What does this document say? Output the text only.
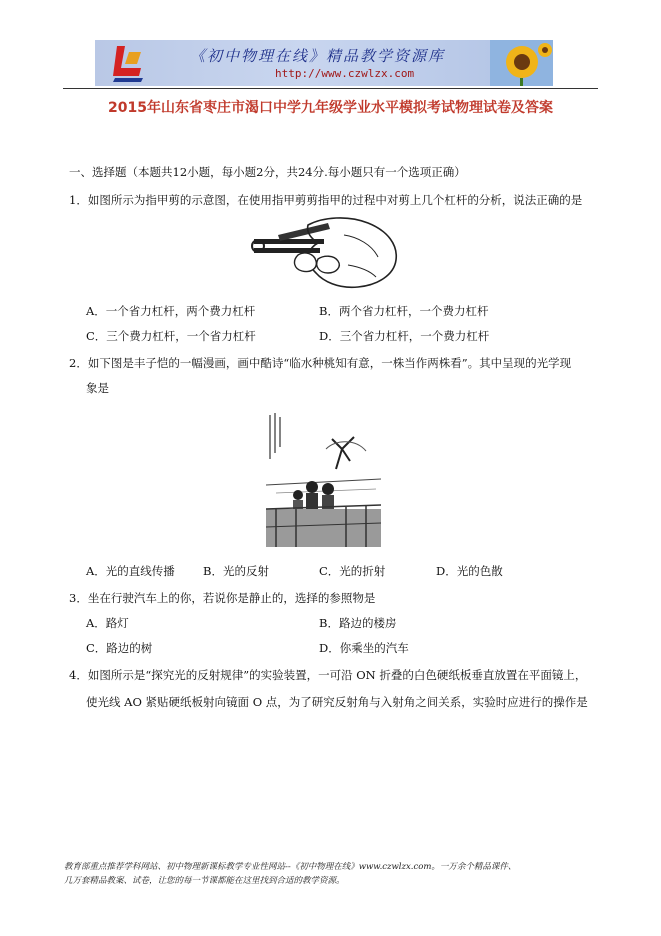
《初中物理在线》精品教学资源库
http://www.czwlzx.com
2015年山东省枣庄市渴口中学九年级学业水平模拟考试物理试卷及答案
一、选择题（本题共12小题，每小题2分，共24分.每小题只有一个选项正确）
1．如图所示为指甲剪的示意图，在使用指甲剪剪指甲的过程中对剪上几个杠杆的分析，说法正确的是
A．一个省力杠杆，两个费力杠杆	B．两个省力杠杆，一个费力杠杆
C．三个费力杠杆，一个省力杠杆	D．三个省力杠杆，一个费力杠杆
2．如下图是丰子恺的一幅漫画，画中酷诗“临水种桃知有意，一株当作两株看”。其中呈现的光学现
象是
A．光的直线传播 B．光的反射	C．光的折射	D．光的色散
3．坐在行驶汽车上的你，若说你是静止的，选择的参照物是
A．路灯	B．路边的楼房
C．路边的树	D．你乘坐的汽车
4．如图所示是“探究光的反射规律”的实验装置，一可沿 ON 折叠的白色硬纸板垂直放置在平面镜上，
使光线 AO 紧贴硬纸板射向镜面 O 点，为了研究反射角与入射角之间关系，实验时应进行的操作是
教育部重点推荐学科网站、初中物理新课标教学专业性网站--《初中物理在线》www.czwlzx.com。一万余个精品课件、
几万套精品教案、试卷，让您的每一节课都能在这里找到合适的教学资源。
